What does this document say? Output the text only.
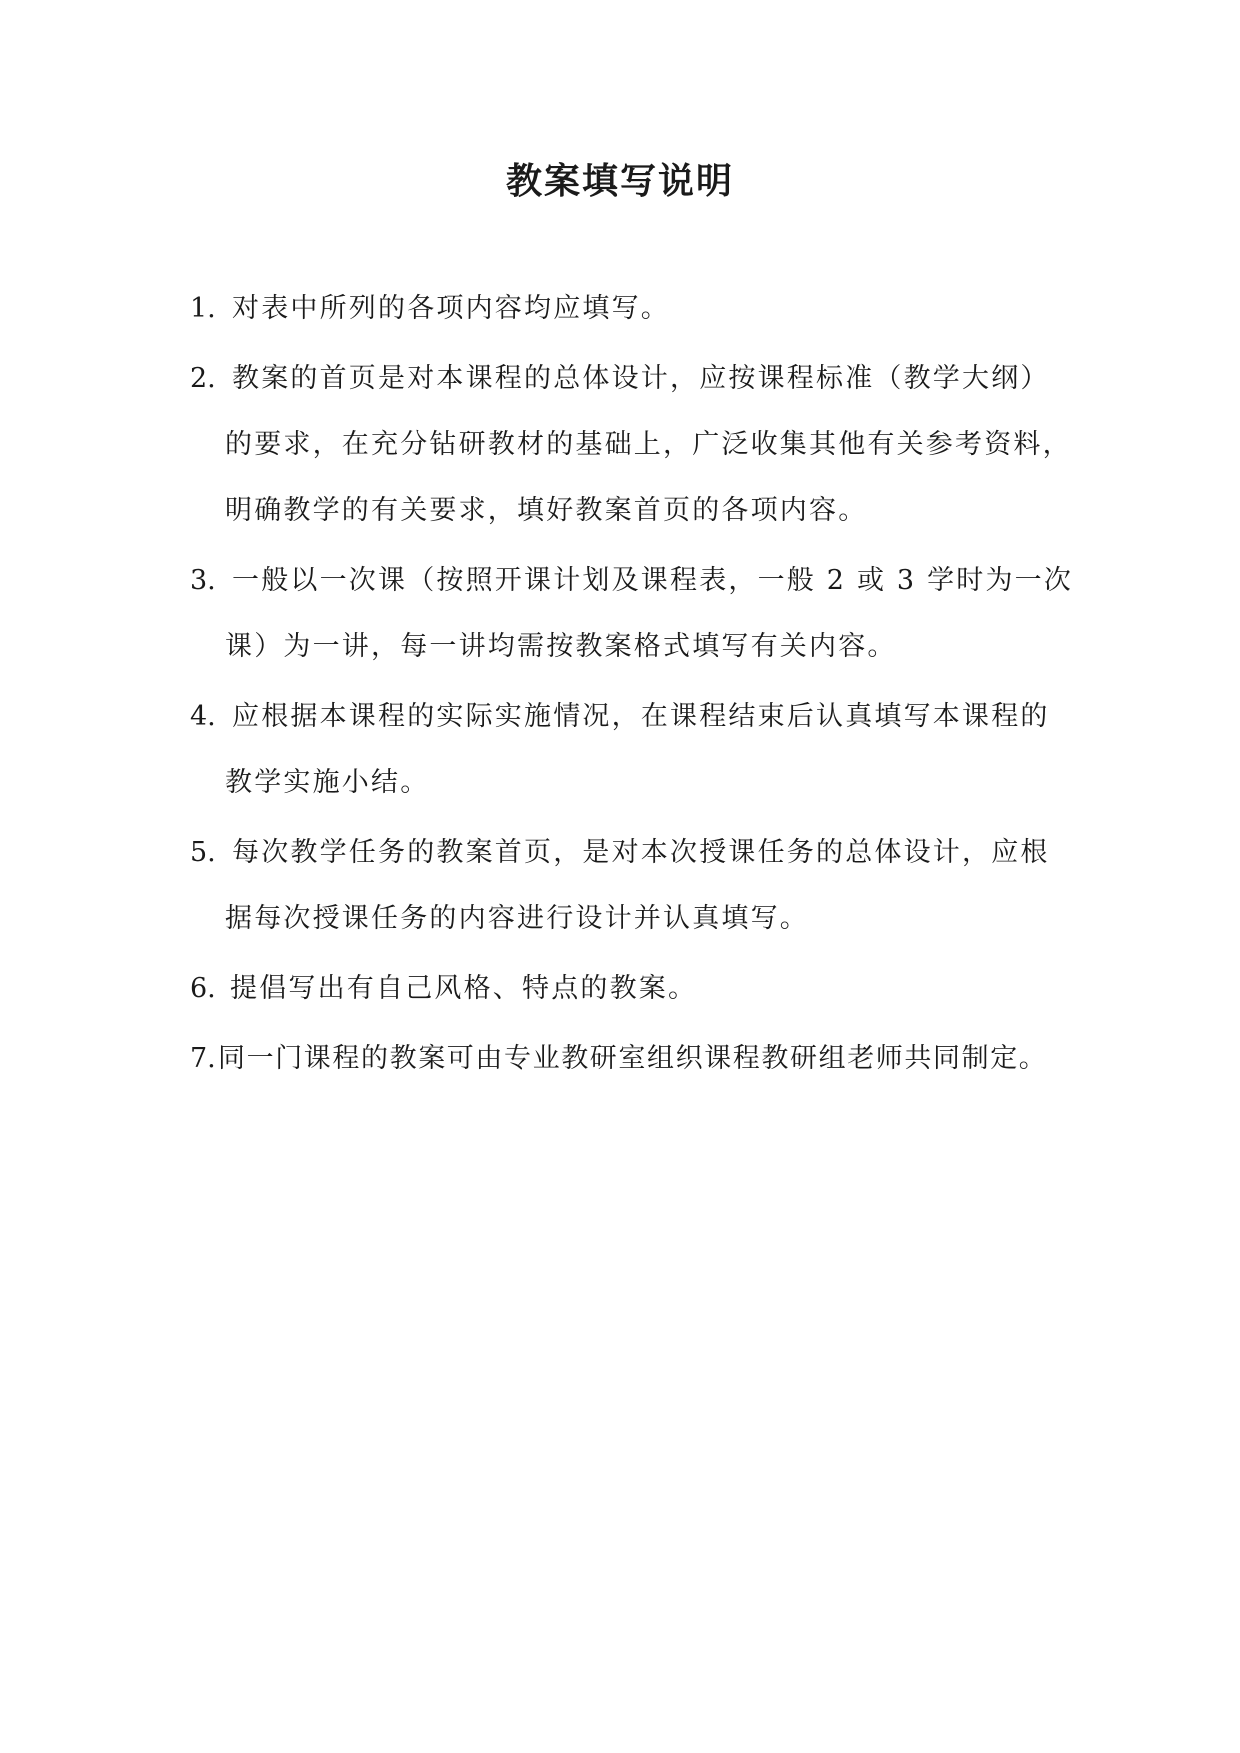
教案填写说明
1. 对表中所列的各项内容均应填写。
2. 教案的首页是对本课程的总体设计，应按课程标准（教学大纲）
的要求，在充分钻研教材的基础上，广泛收集其他有关参考资料，
明确教学的有关要求，填好教案首页的各项内容。
3. 一般以一次课（按照开课计划及课程表，一般 2 或 3 学时为一次
课）为一讲，每一讲均需按教案格式填写有关内容。
4. 应根据本课程的实际实施情况，在课程结束后认真填写本课程的
教学实施小结。
5. 每次教学任务的教案首页，是对本次授课任务的总体设计，应根
据每次授课任务的内容进行设计并认真填写。
6. 提倡写出有自己风格、特点的教案。
7. 同一门课程的教案可由专业教研室组织课程教研组老师共同制定。
